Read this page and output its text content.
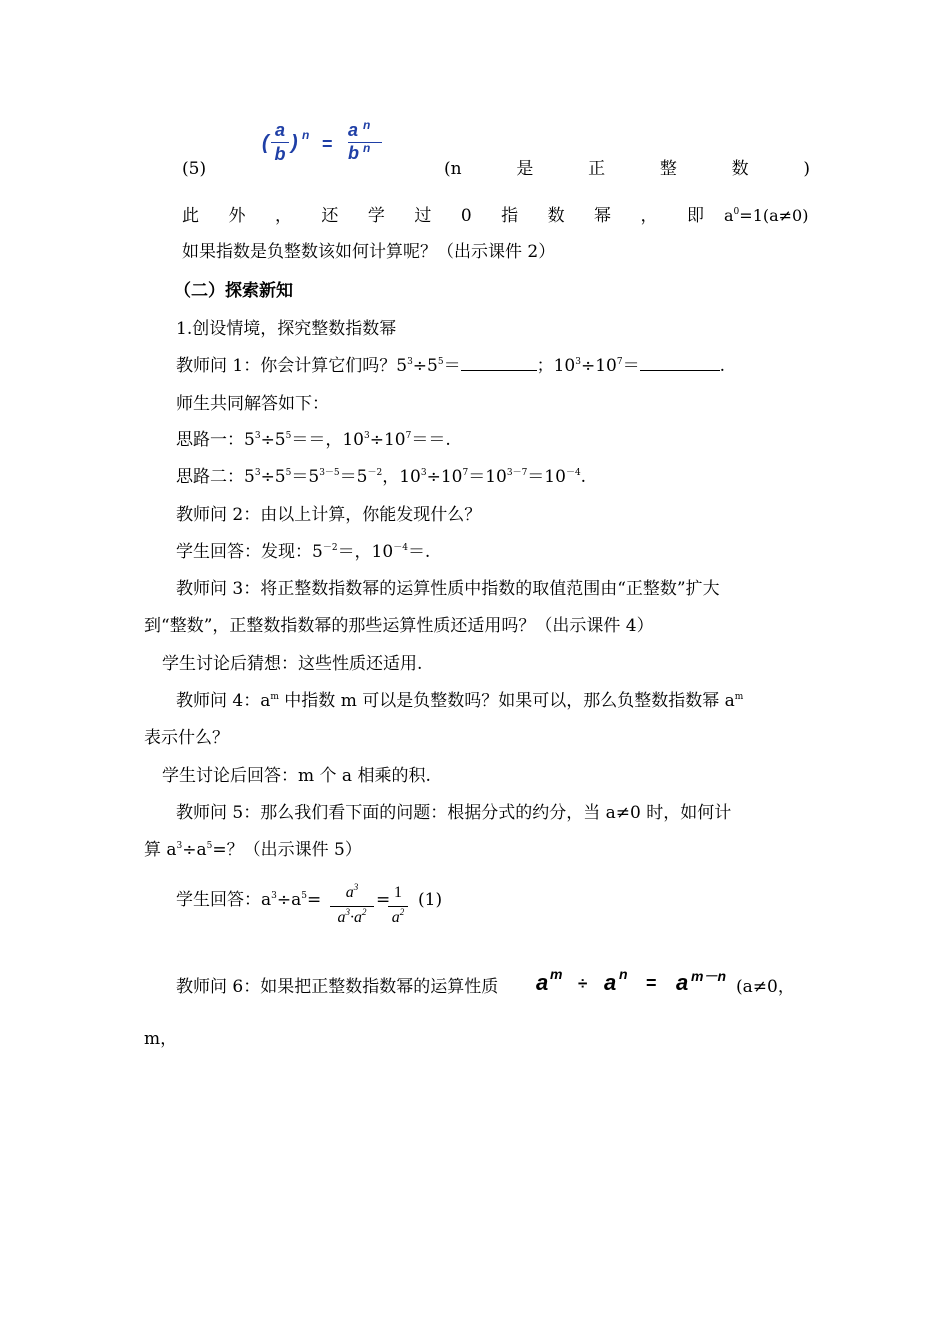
(5)
(
a
b ) n =
a n
b n
(n	是	正	整	数	)
此 外 ， 还 学 过 0 指 数 幂 ， 即 $a^0=1(a\ne 0)$
如果指数是负整数该如何计算呢？（出示课件 2）
（二）探索新知
1.创设情境，探究整数指数幂
教师问 1：你会计算它们吗？$5^3\div 5^5=$	；$10^3\div 10^7=$	.
师生共同解答如下：
思路一：$5^3\div 5^5==$，$10^3\div 10^7==$.
思路二：$5^3\div 5^5=5^{3-5}=5^{-2}$，$10^3\div 10^7=10^{3-7}=10^{-4}$.
教师问 2：由以上计算，你能发现什么？
学生回答：发现：$5^{-2}=$，$10^{-4}=$.
教师问 3：将正整数指数幂的运算性质中指数的取值范围由“正整数”扩大
到“整数”，正整数指数幂的那些运算性质还适用吗？（出示课件 4）
学生讨论后猜想：这些性质还适用.
教师问 4：$a^m$ 中指数 m 可以是负整数吗？如果可以，那么负整数指数幂 $a^m$
表示什么？
学生讨论后回答：m 个 a 相乘的积.
教师问 5：那么我们看下面的问题：根据分式的约分，当 a≠0 时，如何计
算 $a^3\div a^5=$？（出示课件 5）
学生回答：$a^3\div a^5=$	$a^3$
$a^3\cdot a^2$
= 1
$a^2$
(1)
教师问 6：如果把正整数指数幂的运算性质 a m ÷ a n = a m－n
(a≠0，
m，
